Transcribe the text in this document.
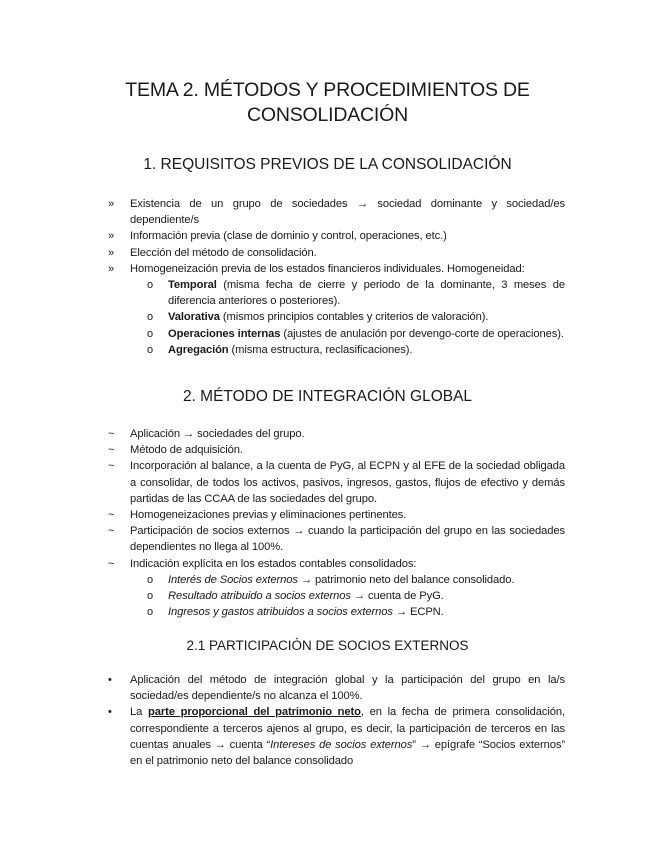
TEMA 2. MÉTODOS Y PROCEDIMIENTOS DE
CONSOLIDACIÓN
1. REQUISITOS PREVIOS DE LA CONSOLIDACIÓN
»	Existencia de un grupo de sociedades → sociedad dominante y sociedad/es dependiente/s
»	Información previa (clase de dominio y control, operaciones, etc.)
»	Elección del método de consolidación.
»	Homogeneización previa de los estados financieros individuales. Homogeneidad:
o Temporal (misma fecha de cierre y periodo de la dominante, 3 meses de diferencia anteriores o posteriores).
o Valorativa (mismos principios contables y criterios de valoración).
o Operaciones internas (ajustes de anulación por devengo-corte de operaciones).
o Agregación (misma estructura, reclasificaciones).
2. MÉTODO DE INTEGRACIÓN GLOBAL
~	Aplicación → sociedades del grupo.
~	Método de adquisición.
~	Incorporación al balance, a la cuenta de PyG, al ECPN y al EFE de la sociedad obligada a consolidar, de todos los activos, pasivos, ingresos, gastos, flujos de efectivo y demás partidas de las CCAA de las sociedades del grupo.
~	Homogeneizaciones previas y eliminaciones pertinentes.
~	Participación de socios externos → cuando la participación del grupo en las sociedades dependientes no llega al 100%.
~	Indicación explícita en los estados contables consolidados:
o Interés de Socios externos → patrimonio neto del balance consolidado.
o Resultado atribuido a socios externos → cuenta de PyG.
o Ingresos y gastos atribuidos a socios externos → ECPN.
2.1 PARTICIPACIÓN DE SOCIOS EXTERNOS
•	Aplicación del método de integración global y la participación del grupo en la/s sociedad/es dependiente/s no alcanza el 100%.
•	La parte proporcional del patrimonio neto, en la fecha de primera consolidación, correspondiente a terceros ajenos al grupo, es decir, la participación de terceros en las cuentas anuales → cuenta “Intereses de socios externos” → epígrafe “Socios externos” en el patrimonio neto del balance consolidado
